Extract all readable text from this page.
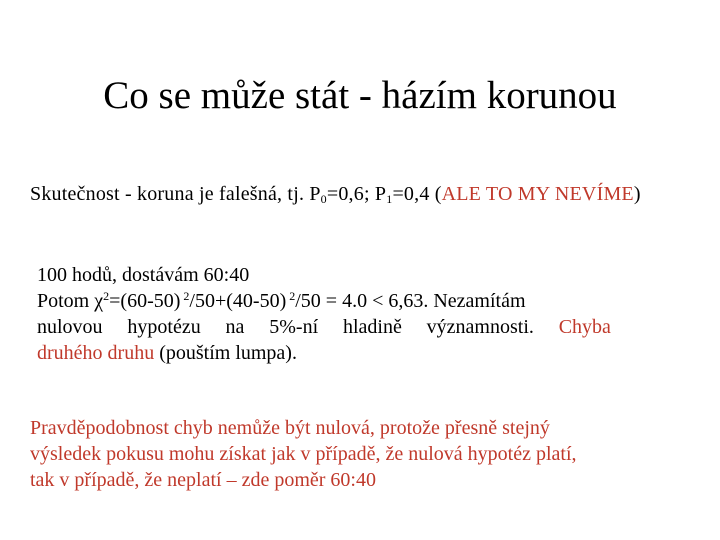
Co se může stát - házím korunou
Skutečnost - koruna je falešná, tj. $P_0=0,6$; $P_1=0,4$ (ALE TO MY NEVÍME)
100 hodů, dostávám 60:40
Potom $\chi^2=(60-50)$ $^2$/50+(40-50) $^2$/50 = 4.0 < 6,63. Nezamítám
nulovou hypotézu na 5%-ní hladině významnosti. Chyba
druhého druhu (pouštím lumpa).
Pravděpodobnost chyb nemůže být nulová, protože přesně stejný
výsledek pokusu mohu získat jak v případě, že nulová hypotéz platí,
tak v případě, že neplatí – zde poměr 60:40
